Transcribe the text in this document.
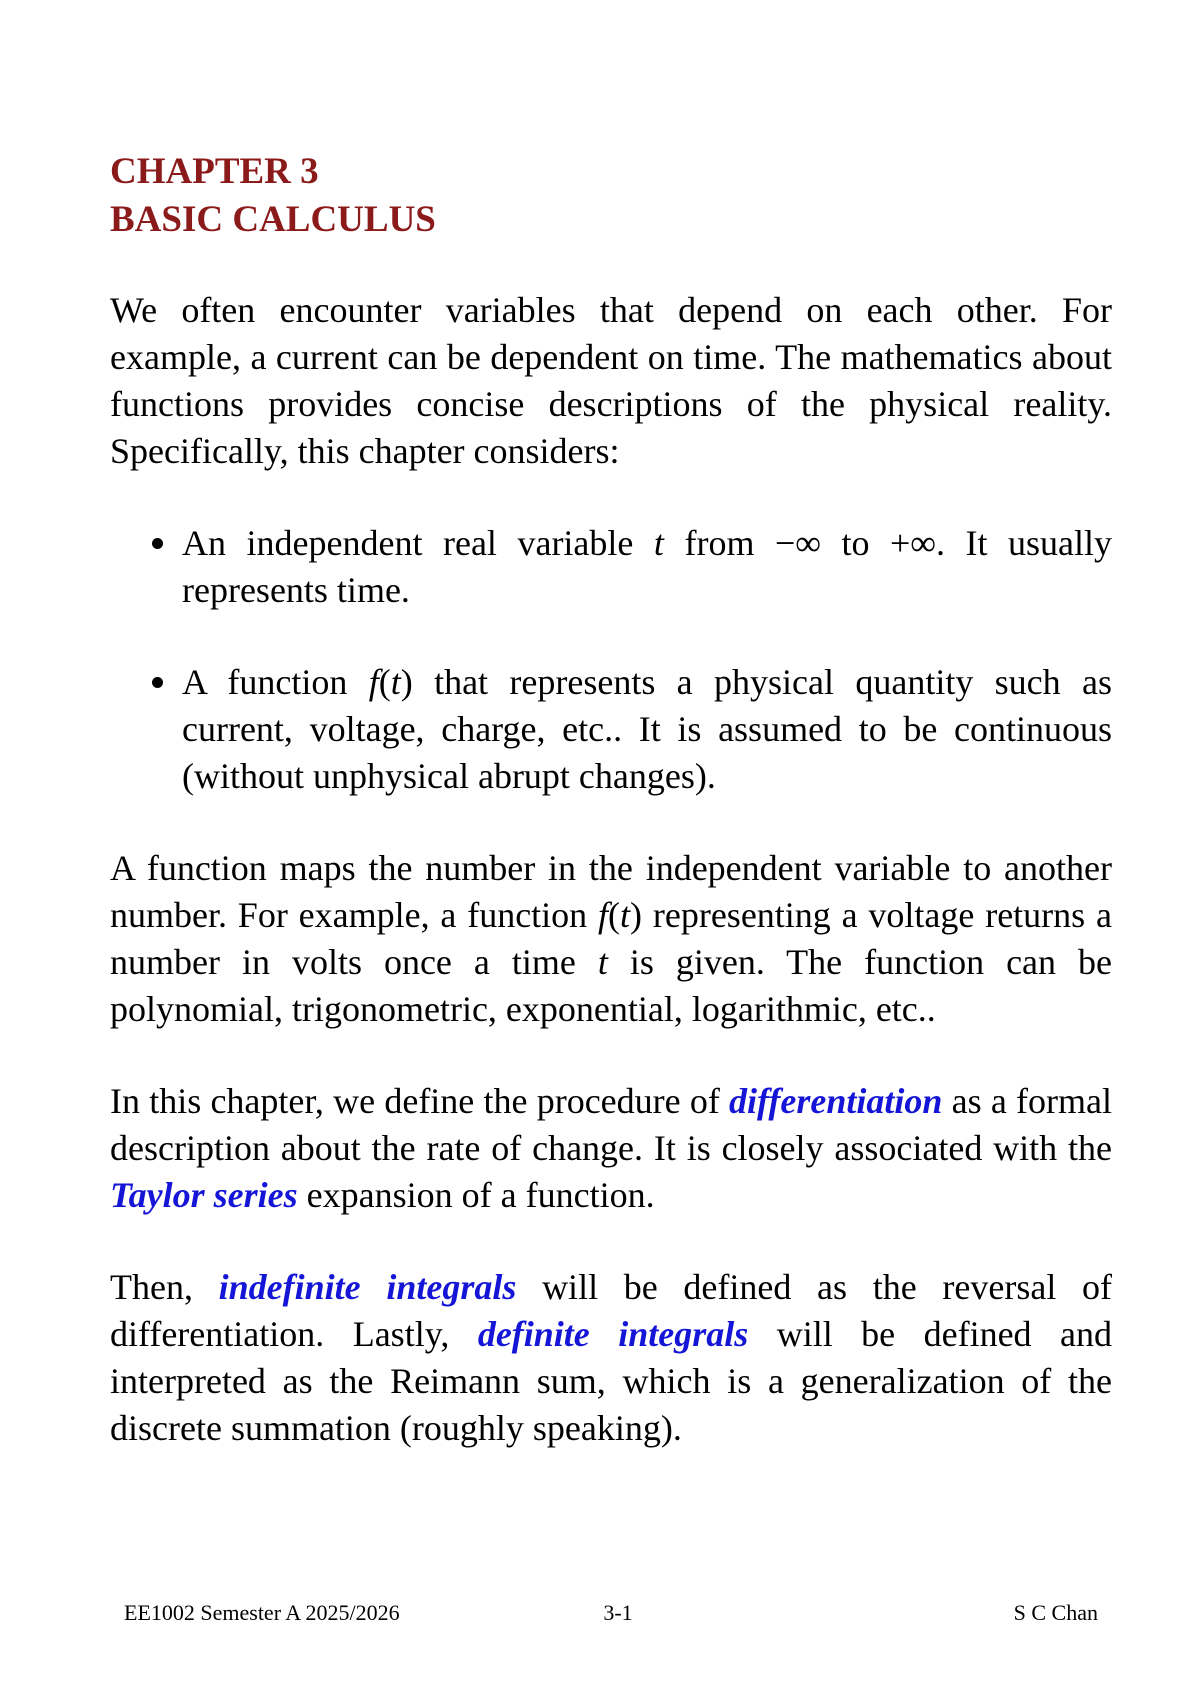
CHAPTER 3
BASIC CALCULUS

We often encounter variables that depend on each other. For example, a current can be dependent on time. The mathematics about functions provides concise descriptions of the physical reality. Specifically, this chapter considers:

An independent real variable t from −∞ to +∞. It usually represents time.
A function f(t) that represents a physical quantity such as current, voltage, charge, etc.. It is assumed to be continuous (without unphysical abrupt changes).

A function maps the number in the independent variable to another number. For example, a function f(t) representing a voltage returns a number in volts once a time t is given. The function can be polynomial, trigonometric, exponential, logarithmic, etc..

In this chapter, we define the procedure of differentiation as a formal description about the rate of change. It is closely associated with the Taylor series expansion of a function.

Then, indefinite integrals will be defined as the reversal of differentiation. Lastly, definite integrals will be defined and interpreted as the Reimann sum, which is a generalization of the discrete summation (roughly speaking).

EE1002 Semester A 2025/2026	3-1	S C Chan
